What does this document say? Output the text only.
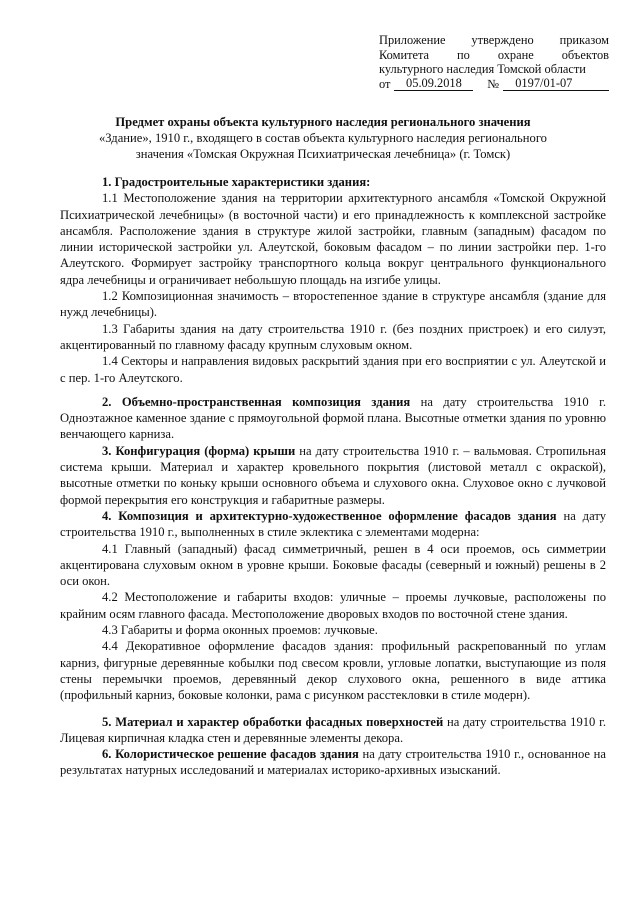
Приложение утверждено приказом
Комитета по охране объектов
культурного наследия Томской области
от	05.09.2018	№	0197/01-07
Предмет охраны объекта культурного наследия регионального значения
«Здание», 1910 г., входящего в состав объекта культурного наследия регионального
значения «Томская Окружная Психиатрическая лечебница» (г. Томск)

1. Градостроительные характеристики здания:

1.1 Местоположение здания на территории архитектурного ансамбля «Томской Окружной Психиатрической лечебницы» (в восточной части) и его принадлежность к комплексной застройке ансамбля. Расположение здания в структуре жилой застройки, главным (западным) фасадом по линии исторической застройки ул. Алеутской, боковым фасадом – по линии застройки пер. 1-го Алеутского. Формирует застройку транспортного кольца вокруг центрального функционального ядра лечебницы и ограничивает небольшую площадь на изгибе улицы.

1.2 Композиционная значимость – второстепенное здание в структуре ансамбля (здание для нужд лечебницы).

1.3 Габариты здания на дату строительства 1910 г. (без поздних пристроек) и его силуэт, акцентированный по главному фасаду крупным слуховым окном.

1.4 Секторы и направления видовых раскрытий здания при его восприятии с ул. Алеутской и с пер. 1-го Алеутского.

2. Объемно-пространственная композиция здания на дату строительства 1910 г. Одноэтажное каменное здание с прямоугольной формой плана. Высотные отметки здания по уровню венчающего карниза.

3. Конфигурация (форма) крыши на дату строительства 1910 г. – вальмовая. Стропильная система крыши. Материал и характер кровельного покрытия (листовой металл с окраской), высотные отметки по коньку крыши основного объема и слухового окна. Слуховое окно с лучковой формой перекрытия его конструкция и габаритные размеры.

4. Композиция и архитектурно-художественное оформление фасадов здания на дату строительства 1910 г., выполненных в стиле эклектика с элементами модерна:

4.1 Главный (западный) фасад симметричный, решен в 4 оси проемов, ось симметрии акцентирована слуховым окном в уровне крыши. Боковые фасады (северный и южный) решены в 2 оси окон.

4.2 Местоположение и габариты входов: уличные – проемы лучковые, расположены по крайним осям главного фасада. Местоположение дворовых входов по восточной стене здания.

4.3 Габариты и форма оконных проемов: лучковые.

4.4 Декоративное оформление фасадов здания: профильный раскрепованный по углам карниз, фигурные деревянные кобылки под свесом кровли, угловые лопатки, выступающие из поля стены перемычки проемов, деревянный декор слухового окна, решенного в виде аттика (профильный карниз, боковые колонки, рама с рисунком расстекловки в стиле модерн).

5. Материал и характер обработки фасадных поверхностей на дату строительства 1910 г. Лицевая кирпичная кладка стен и деревянные элементы декора.

6. Колористическое решение фасадов здания на дату строительства 1910 г., основанное на результатах натурных исследований и материалах историко-архивных изысканий.
